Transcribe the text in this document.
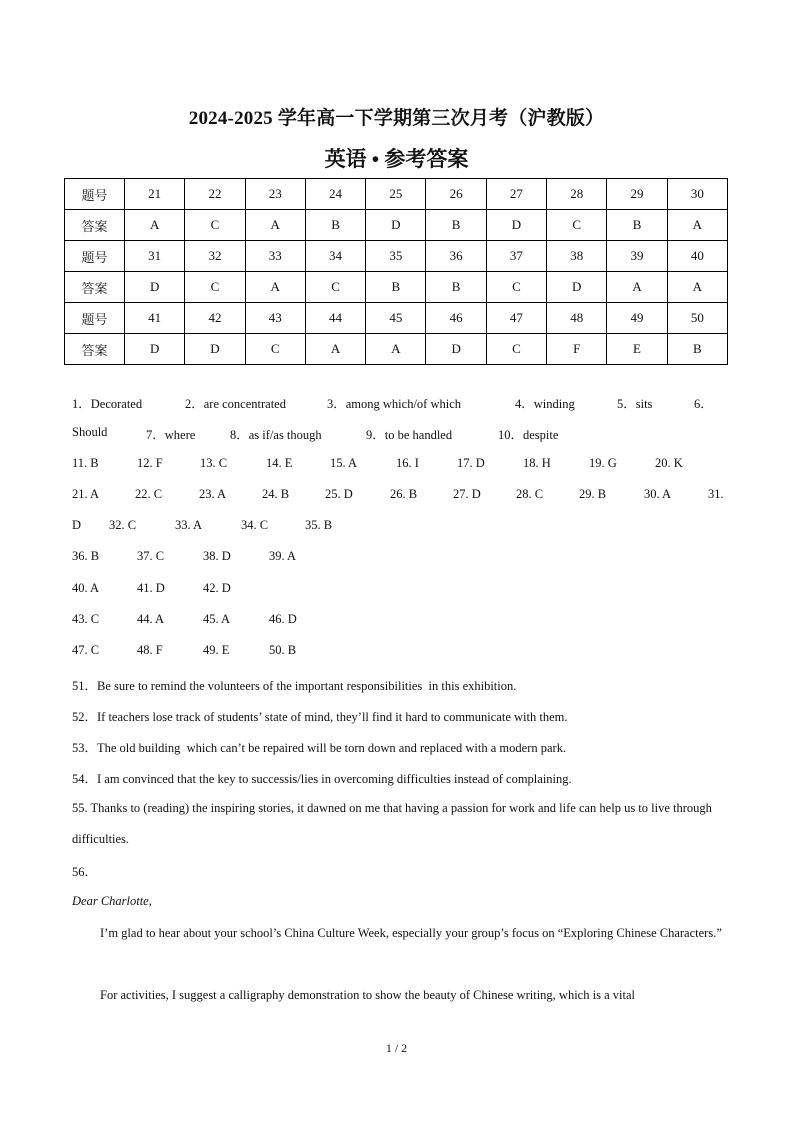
2024-2025 学年高一下学期第三次月考（沪教版）
英语 • 参考答案
题号	21	22	23	24	25	26	27	28	29	30
答案	A	C	A	B	D	B	D	C	B	A
题号	31	32	33	34	35	36	37	38	39	40
答案	D	C	A	C	B	B	C	D	A	A
题号	41	42	43	44	45	46	47	48	49	50
答案	D	D	C	A	A	D	C	F	E	B

1．Decorated

	2．are concentrated

	3．among which/of which

	4．winding

	5．sits

	6．

Should

	7．where

	8．as if/as though

	9．to be handled

	10．despite

11. B

	12. F

	13. C

	14. E

	15. A

	16. I

	17. D

	18. H

	19. G

	20. K

21. A

	22. C

	23. A

	24. B

	25. D

	26. B

	27. D

	28. C

	29. B

	30. A

	31.

D

32. C

	33. A

	34. C

	35. B

36. B

	37. C

	38. D

	39. A

40. A

	41. D

	42. D

43. C

	44. A

	45. A

	46. D

47. C

	48. F

	49. E

	50. B

51．Be sure to remind the volunteers of the important responsibilities  in this exhibition.
52．If teachers lose track of students’ state of mind, they’ll find it hard to communicate with them.
53．The old building  which can’t be repaired will be torn down and replaced with a modern park.
54．I am convinced that the key to successis/lies in overcoming difficulties instead of complaining.
55. Thanks to (reading) the inspiring stories, it dawned on me that having a passion for work and life can help us to live through difficulties.
56．
Dear Charlotte,
I’m glad to hear about your school’s China Culture Week, especially your group’s focus on “Exploring Chinese Characters.”
For activities, I suggest a calligraphy demonstration to show the beauty of Chinese writing, which is a vital
1 / 2
